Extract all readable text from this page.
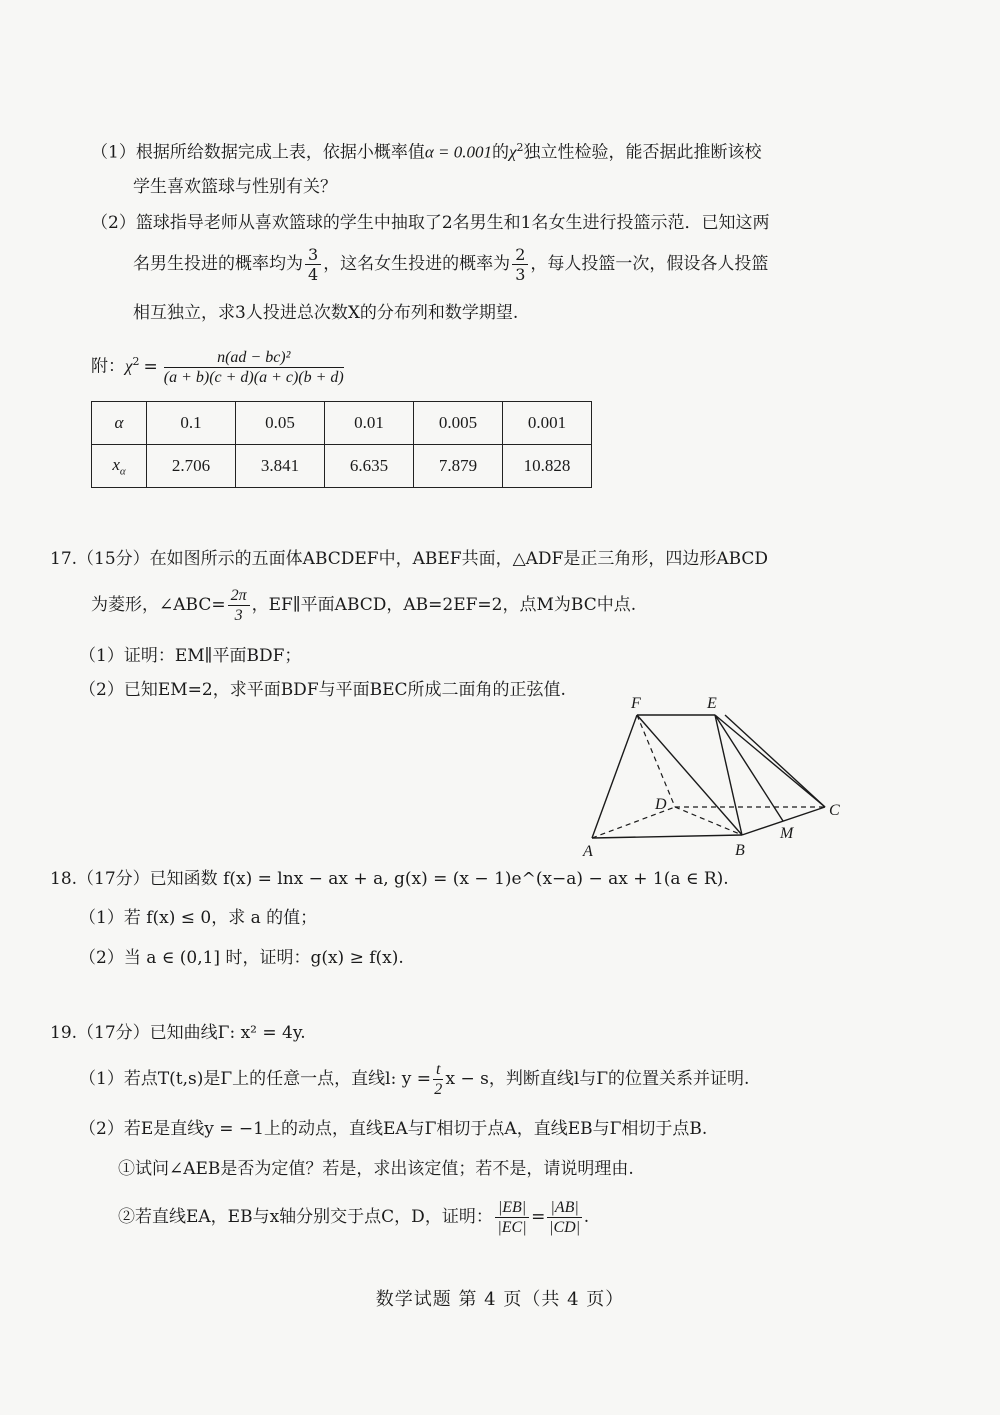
（1）根据所给数据完成上表，依据小概率值α = 0.001的$\chi^2$独立性检验，能否据此推断该校
学生喜欢篮球与性别有关？
（2）篮球指导老师从喜欢篮球的学生中抽取了2名男生和1名女生进行投篮示范．已知这两
名男生投进的概率均为 $\frac{3}{4}$ ，这名女生投进的概率为 $\frac{2}{3}$ ，每人投篮一次，假设各人投篮
相互独立，求3人投进总次数X的分布列和数学期望.
附：$\chi^2 = \frac{\text{n(ad − bc)²}}{(a + b)(c + d)(a + c)(b + d)}$
α	0.1	0.05	0.01	0.005	0.001
$x_\alpha$	2.706	3.841	6.635	7.879	10.828
17.（15分）在如图所示的五面体ABCDEF中，ABEF共面，△ADF是正三角形，四边形ABCD
为菱形，∠ABC= $\frac{2\pi}{3}$ ，EF∥平面ABCD，AB=2EF=2，点M为BC中点.
（1）证明：EM∥平面BDF；
（2）已知EM=2，求平面BDF与平面BEC所成二面角的正弦值.
F	E
D	C
M
A	B
18.（17分）已知函数 f(x) = lnx − ax + a, g(x) = (x − 1)e^(x−a) − ax + 1(a ∈ R).
（1）若 f(x) ≤ 0，求 a 的值；
（2）当 a ∈ (0,1] 时，证明：g(x) ≥ f(x).
19.（17分）已知曲线Γ: x² = 4y.
（1）若点T(t,s)是Γ上的任意一点，直线l: $y = \frac{t}{2}$ x − s，判断直线l与Γ的位置关系并证明.
（2）若E是直线y = −1上的动点，直线EA与Γ相切于点A，直线EB与Γ相切于点B.
①试问∠AEB是否为定值？若是，求出该定值；若不是，请说明理由.
②若直线EA，EB与x轴分别交于点C，D，证明： $\frac{|EB|}{|EC|} = \frac{|AB|}{|CD|}$ .
数学试题 第 4 页（共 4 页）
